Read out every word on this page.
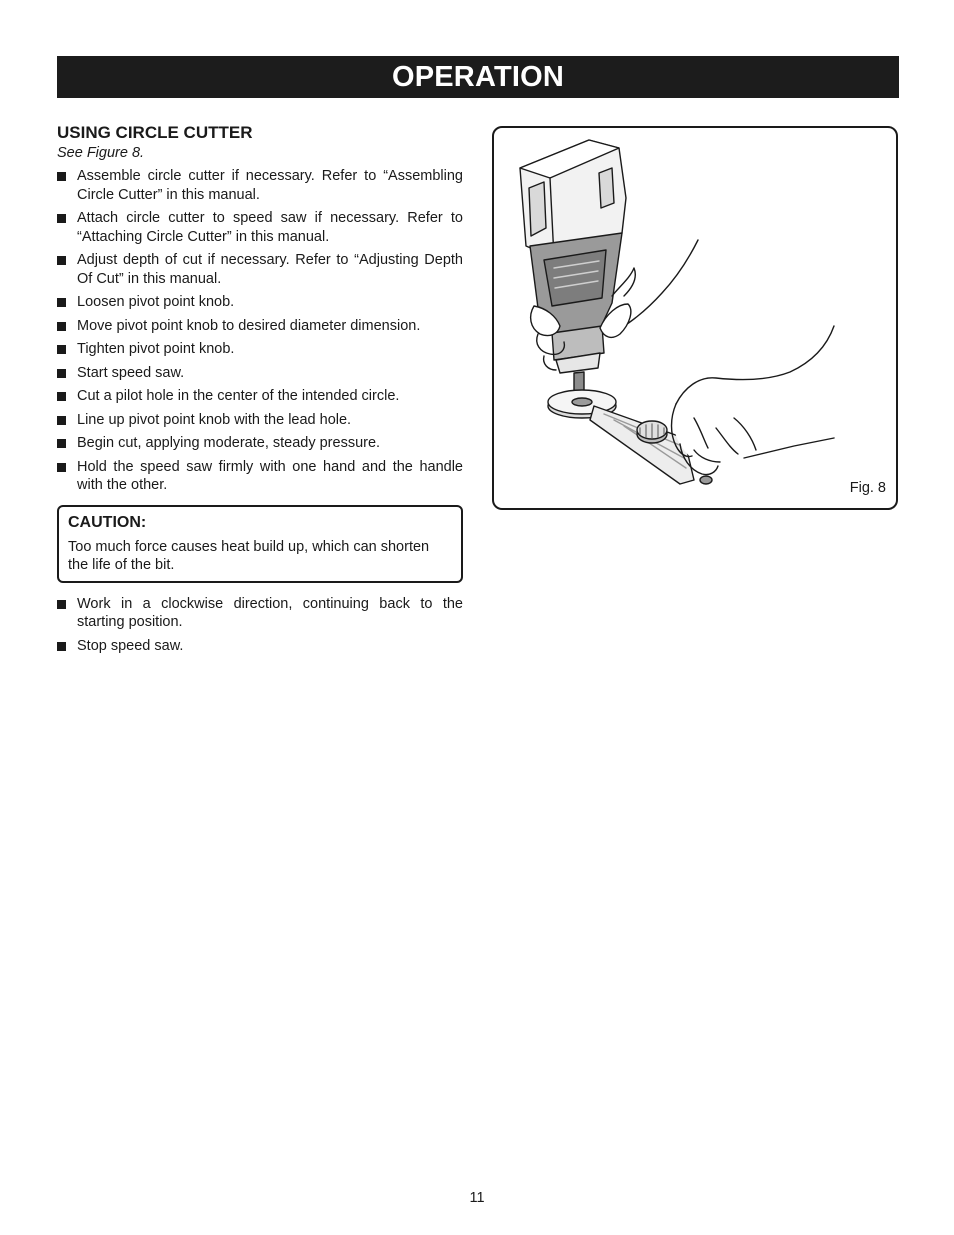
OPERATION
USING CIRCLE CUTTER

See Figure 8.

Assemble circle cutter if necessary. Refer to “Assembling Circle Cutter” in this manual.
Attach circle cutter to speed saw if necessary. Refer to “Attaching Circle Cutter” in this manual.
Adjust depth of cut if necessary. Refer to “Adjusting Depth Of Cut” in this manual.
Loosen pivot point knob.
Move pivot point knob to desired diameter dimension.
Tighten pivot point knob.
Start speed saw.
Cut a pilot hole in the center of the intended circle.
Line up pivot point knob with the lead hole.
Begin cut, applying moderate, steady pressure.
Hold the speed saw firmly with one hand and the handle with the other.

CAUTION:

Too much force causes heat build up, which can shorten the life of the bit.

Work in a clockwise direction, continuing back to the starting position.
Stop speed saw.
Fig. 8
11
